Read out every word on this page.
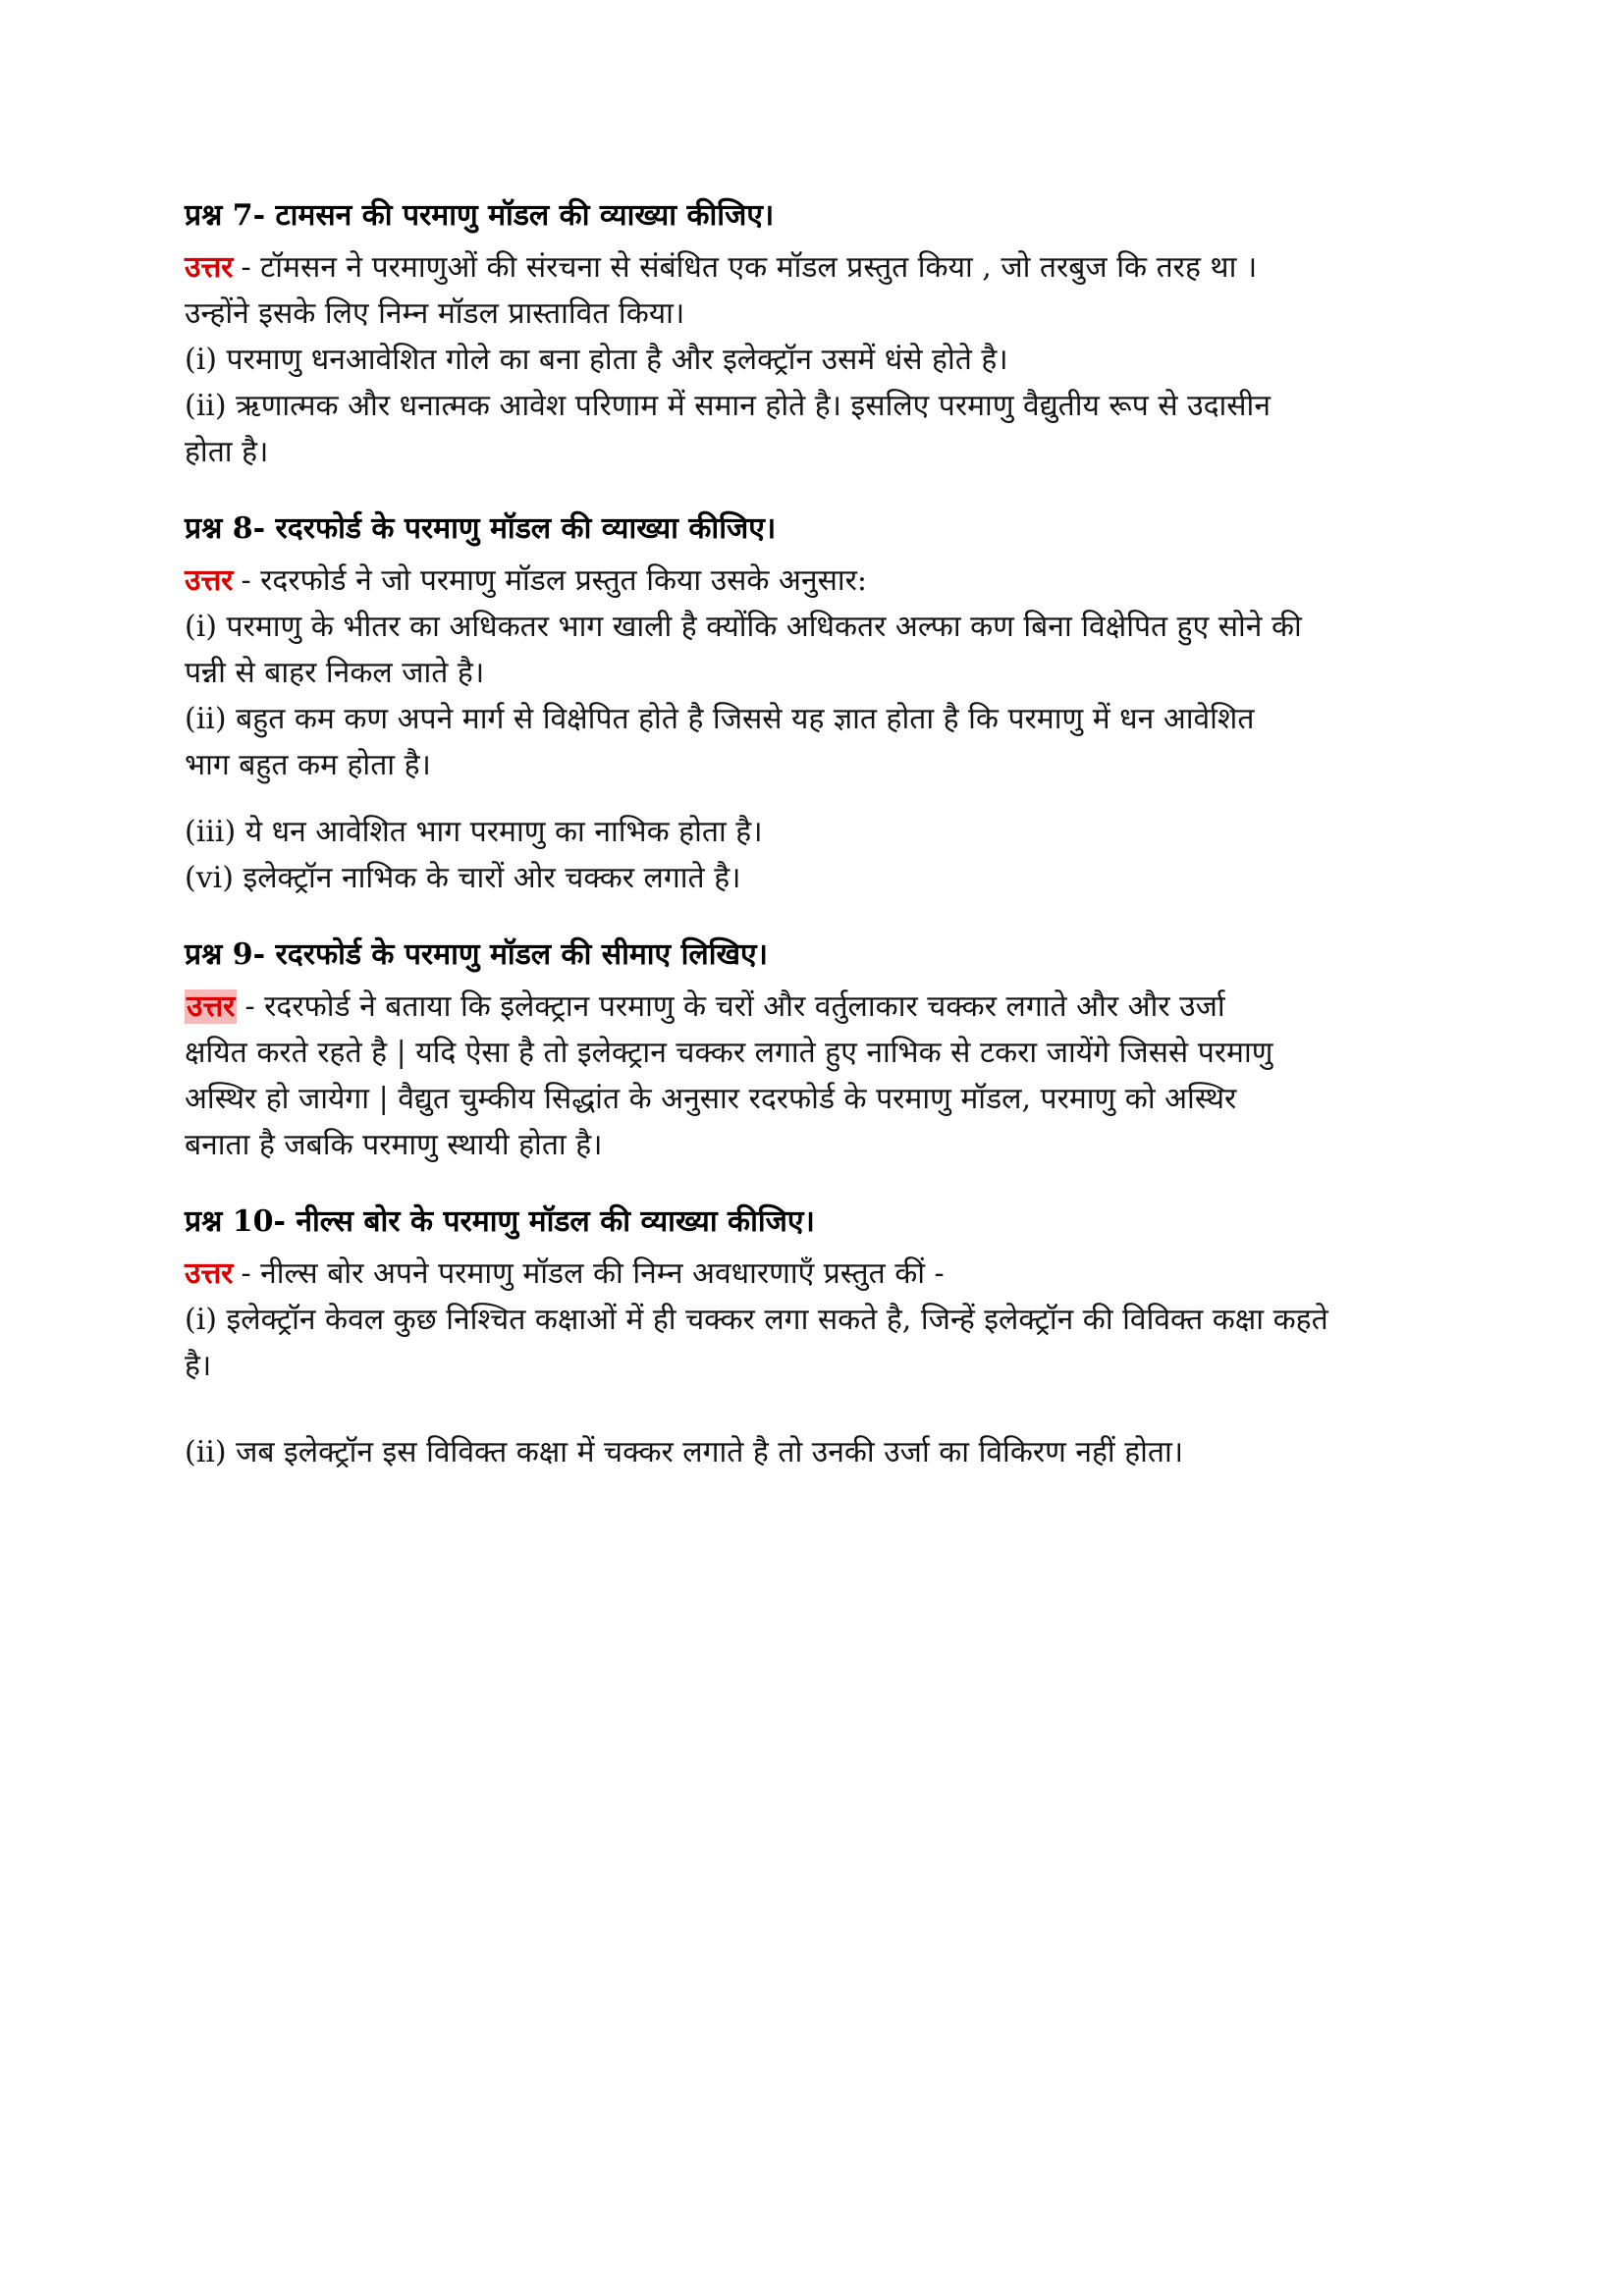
प्रश्न 7- टामसन की परमाणु मॉडल की व्याख्या कीजिए।
उत्तर - टॉमसन ने परमाणुओं की संरचना से संबंधित एक मॉडल प्रस्तुत किया , जो तरबुज कि तरह था ।
उन्होंने इसके लिए निम्न मॉडल प्रास्तावित किया।
(i) परमाणु धनआवेशित गोले का बना होता है और इलेक्ट्रॉन उसमें धंसे होते है।
(ii) ऋणात्मक और धनात्मक आवेश परिणाम में समान होते है। इसलिए परमाणु वैद्युतीय रूप से उदासीन
होता है।
प्रश्न 8- रदरफोर्ड के परमाणु मॉडल की व्याख्या कीजिए।
उत्तर - रदरफोर्ड ने जो परमाणु मॉडल प्रस्तुत किया उसके अनुसार:
(i) परमाणु के भीतर का अधिकतर भाग खाली है क्योंकि अधिकतर अल्फा कण बिना विक्षेपित हुए सोने की
पन्नी से बाहर निकल जाते है।
(ii) बहुत कम कण अपने मार्ग से विक्षेपित होते है जिससे यह ज्ञात होता है कि परमाणु में धन आवेशित
भाग बहुत कम होता है।
(iii) ये धन आवेशित भाग परमाणु का नाभिक होता है।
(vi) इलेक्ट्रॉन नाभिक के चारों ओर चक्कर लगाते है।
प्रश्न 9- रदरफोर्ड के परमाणु मॉडल की सीमाए लिखिए।
उत्तर - रदरफोर्ड ने बताया कि इलेक्ट्रान परमाणु के चरों और वर्तुलाकार चक्कर लगाते और और उर्जा
क्षयित करते रहते है | यदि ऐसा है तो इलेक्ट्रान चक्कर लगाते हुए नाभिक से टकरा जायेंगे जिससे परमाणु
अस्थिर हो जायेगा | वैद्युत चुम्कीय सिद्धांत के अनुसार रदरफोर्ड के परमाणु मॉडल, परमाणु को अस्थिर
बनाता है जबकि परमाणु स्थायी होता है।
प्रश्न 10- नील्स बोर के परमाणु मॉडल की व्याख्या कीजिए।
उत्तर - नील्स बोर अपने परमाणु मॉडल की निम्न अवधारणाएँ प्रस्तुत कीं -
(i) इलेक्ट्रॉन केवल कुछ निश्चित कक्षाओं में ही चक्कर लगा सकते है, जिन्हें इलेक्ट्रॉन की विविक्त कक्षा कहते
है।
(ii) जब इलेक्ट्रॉन इस विविक्त कक्षा में चक्कर लगाते है तो उनकी उर्जा का विकिरण नहीं होता।
